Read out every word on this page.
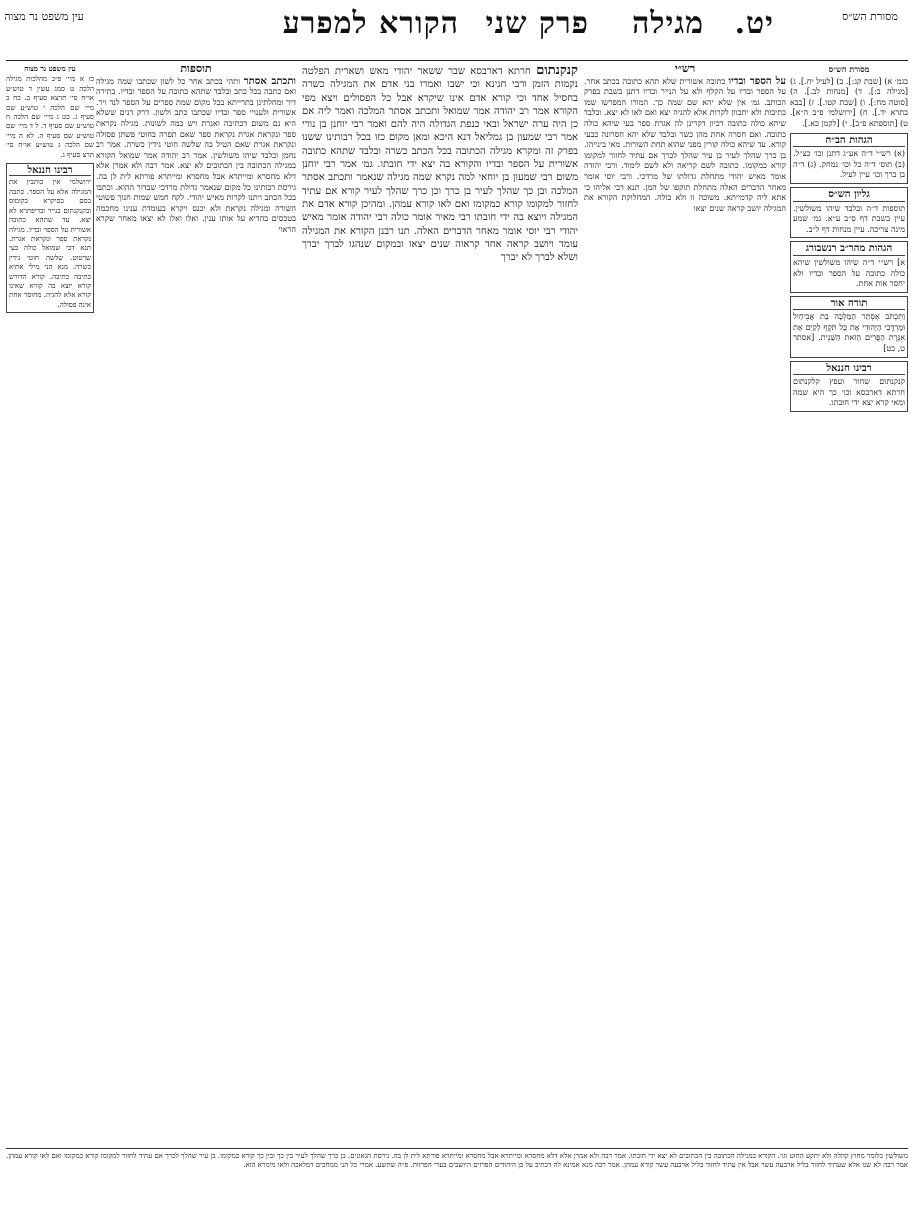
מסורת הש״ס
הקורא למפרע פרק שני מגילה יט.
עין משפט נר מצוה

מסורת הש״ס

בגמ׳ א) [שבת קג:]. ב) [לעיל יח.]. ג) [מגילה ב:]. ד) [מנחות לב.]. ה) [סוטה מח:]. ו) [שבת קטו.]. ז) [בבא בתרא יד.]. ח) [ירושלמי פ״ב ה״א]. ט) [תוספתא פ״ב]. י) [לקמן כא.].

הגהות הב״ח
(א) רש״י ד״ה אע״ג דתנן וכו׳ כצ״ל. (ב) תוס׳ ד״ה כל וכו׳ נמחק. (ג) ד״ה בן כרך וכו׳ עיין לעיל.
גליון הש״ס
תוספות ד״ה ובלבד שיהו משולשין. עיין בשבת דף ס״ב ע״א. גמ׳ שמע מינה צריכה. עיין מנחות דף ל״ב.
הגהות מהר״ב רנשבורג
א] רש״י ד״ה שיהו משולשין שיהא כולה כתובה על הספר ובדיו ולא יחסר אות אחת.
תורה אור
וַתִּכְתֹּב אֶסְתֵּר הַמַּלְכָּה בַת אֲבִיחַיִל וּמָרְדֳּכַי הַיְּהוּדִי אֶת כָּל תֹּקֶף לְקַיֵּם אֵת אִגֶּרֶת הַפֻּרִים הַזֹּאת הַשֵּׁנִית. [אסתר ט, כט]
רבינו חננאל
קנקנתום שחור ועפץ קלקנתום חרתא דארבסא וכו׳ כך היא שמה ומאי קרא יצא ידי חובתו.

רש״י

על הספר ובדיו כתובה אשורית שלא תהא כתובה בכתב אחר. על הספר ובדיו על הקלף ולא על הנייר ובדיו דתנן בשבת בפרק הכותב. גמ׳ אין שלא יהא שם שמה כך. המורו המפרשו שמו בתיבות ולא יתכוון לקרות אלא להגיה יצא ואם לאו לא יצא. ובלבד שיהא כולה כתובה דכיון דקרינן לה אגרת ספר בעי שיהא כולה כתובה. ואם חסרה אחת מהן כשר ובלבד שלא יהא חסרונה כבעי קורא. עד שיהא כולה קורין מפני שהוא תחת השורות. מאי בינייהו. בן כרך שהלך לעיר בן עיר שהלך לכרך אם עתיד לחזור למקומו קורא כמקומו. כתובה לשם קריאה ולא לשם לימוד. ורבי יהודה אומר מאיש יהודי מתחלת גדולתו של מרדכי. ורבי יוסי אומר מאחר הדברים האלה מתחלת תוקפו של המן. תנא דבי אליהו כי אתא ליה קדמייתא. משוכה זו ולא כולה. המחלוקת הקורא את המגילה יושב קראה שנים יצאו
קנקנתום חרתא דארבסא שבר ששאר יהודי מאש ושארית הפלטה נקמות הזמן ורבי חנינא וכי ישבו ואמרו בני אדם את המגילה כשרה בחסיל אחד וכי קורא אדם אינו שיקרא אבל כל הפסולים ויצא מפי הקורא אמר רב יהודה אמר שמואל ותכתב אסתר המלכה ואמר ליה אם כן היה ערה ישראל ובאי כנפת הגדולה היה להם ואמר רבי יוחנן בן נורי אמר רבי שמעון בן גמליאל דנא היכא ומאן מקום כזו בכל רבותינו ששנו בפרק זה ומקרא מגילה הכתובה בכל הכתב כשרה ובלבד שתהא כתובה אשורית על הספר ובדיו והקורא בה יצא ידי חובתו. גמ׳ אמר רבי יוחנן משום רבי שמעון בן יוחאי למה נקרא שמה מגילה שנאמר ותכתב אסתר המלכה ובן כך שהלך לעיר בן כרך וכן כרך שהלך לעיר קורא אם עתיד לחזור למקומו קורא כמקומו ואם לאו קורא עמהן. ומהיכן קורא אדם את המגילה ויוצא בה ידי חובתו רבי מאיר אומר כולה רבי יהודה אומר מאיש יהודי רבי יוסי אומר מאחר הדברים האלה. תנו רבנן הקורא את המגילה עומד ויושב קראה אחד קראוה שנים יצאו ובמקום שנהגו לברך יברך ושלא לברך לא יברך

תוספות

ותכתב אסתר ותהי בכתב אחר כל לשון שכתבו שמה מגילה ואם כתבה בכל כתב ובלבד שתהא כתובה על הספר ובדיו. בתירה דיר ומחלתינן בתרייתא בכל מקום שמת ספרים על הספר לנד ויר. אשורית ולענויי ספר ובדיו שכתבו כתב ולשון. דרק דנים ששלא היא נם משום דכתיבה ואגרת ויש כמה לשונות. מגילה נקראת ספר ונקראת אגרת נקראת ספר שאם תפרה בחוטי פשתן פסולה ונקראת אגרת שאם הטיל בה שלשה חוטי גידין כשרה. אמר רב נחמן ובלבד שיהו משולשין. אמר רב יהודה אמר שמואל הקורא במגילה הכתובה בין הכתובים לא יצא. אמר רבה ולא אמרן אלא דלא מחסרא ומייתרא אבל מחסרא ומייתרא פורתא לית לן בה. גירסת רבותינו כל מקום שנאמר גדולת מרדכי שבדור ההוא. וכתבו בכל הכתב ויתנו לקרות מאיש יהודי. לקח חמש שמות חנוך פשוטי השורה ומגילה נקראת ולא יכנס ויקרא בעומדת ענינו מחכמה בטכסים בהדיא על אותו ענין. ואלו ואלו לא יצאו מאחר שקרא הראוי

עין משפט נר מצוה

כז א מיי׳ פ״ב מהלכות מגילה הלכה ט סמג עשין ד טוש״ע או״ח סי׳ תרצא סעיף ב. כח ב מיי׳ שם הלכה י טוש״ע שם סעיף ג. כט ג מיי׳ שם הלכה ח טוש״ע שם סעיף ד. ל ד מיי׳ שם טוש״ע שם סעיף ה. לא ה מיי׳ שם הלכה ג טוש״ע או״ח סי׳ תרצ סעיף ג.

רבינו חננאל
ירושלמי אין כותבין את המגילה אלא על הספר. כתבה בסם בסיקרא בקומוס ובקנקנתום בנייר ובדיפתרא לא יצא. עד שתהא כתובה אשורית על הספר ובדיו. מגילה נקראת ספר ונקראת אגרת. תנא דבי שמואל כולה בעי שרטוט. שלשה חוטי גידין כשרה. מנא הני מילי אתיא כתיבה כתיבה. קורא הדורש קורא יוצא בה קורא שאינו קורא אלא להגיה. מחוסר אחת אינה פסולה.
משולשין כלומר מחוץ קהלה ולא יתקע החוט וגו׳. הקורא במגילה הכתובה בין הכתובים לא יצא ידי חובתו. אמר רבה ולא אמרן אלא דלא מחסרא ומייתרא אבל מחסרא ומייתרא פורתא לית לן בה. גירסת הגאונים. בן כרך שהלך לעיר בין כך ובין כך קורא כמקומו. בן עיר שהלך לכרך אם עתיד לחזור למקומו קורא כמקומו ואם לאו קורא עמהן. אמר רבה לא שנו אלא שעתיד לחזור בליל ארבעה עשר אבל אין עתיד לחזור בליל ארבעה עשר קורא עמהן. אמר רבה מנא אמינא לה דכתיב על כן היהודים הפרזים היושבים בערי הפרזות. פ״ה שתשע. אמרי כל הני ממחכים דמלאכה ולאו מימרא הוא.
